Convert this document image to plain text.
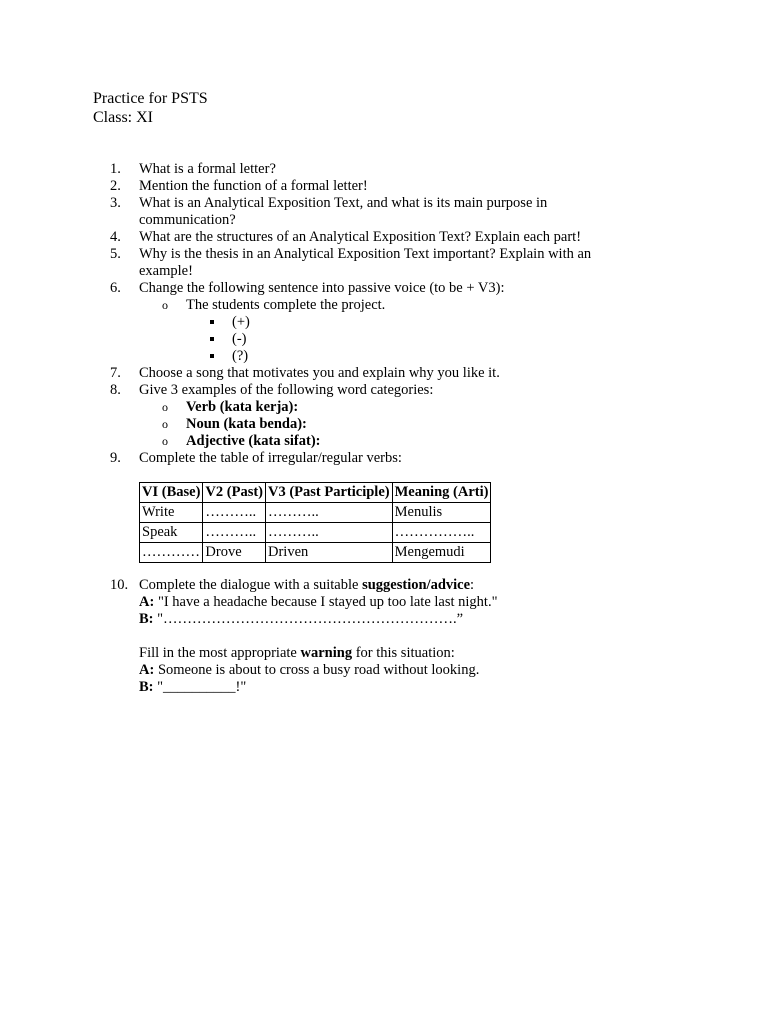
Practice for PSTS
Class: XI
1.	What is a formal letter?
2.	Mention the function of a formal letter!
3.	What is an Analytical Exposition Text, and what is its main purpose in communication?
4.	What are the structures of an Analytical Exposition Text? Explain each part!
5.	Why is the thesis in an Analytical Exposition Text important? Explain with an example!
6.	Change the following sentence into passive voice (to be + V3):
o The students complete the project.
(+)
(-)
(?)
7.	Choose a song that motivates you and explain why you like it.
8.	Give 3 examples of the following word categories:
o Verb (kata kerja):
o Noun (kata benda):
o Adjective (kata sifat):
9.	Complete the table of irregular/regular verbs:
VI (Base)	V2 (Past)	V3 (Past Participle)	Meaning (Arti)
Write	………..	………..	Menulis
Speak	………..	………..	……………..
…………	Drove	Driven	Mengemudi
10. Complete the dialogue with a suitable suggestion/advice:
A: "I have a headache because I stayed up too late last night."
B: "…………………………………………………….”
Fill in the most appropriate warning for this situation:
A: Someone is about to cross a busy road without looking.
B: "__________!"
